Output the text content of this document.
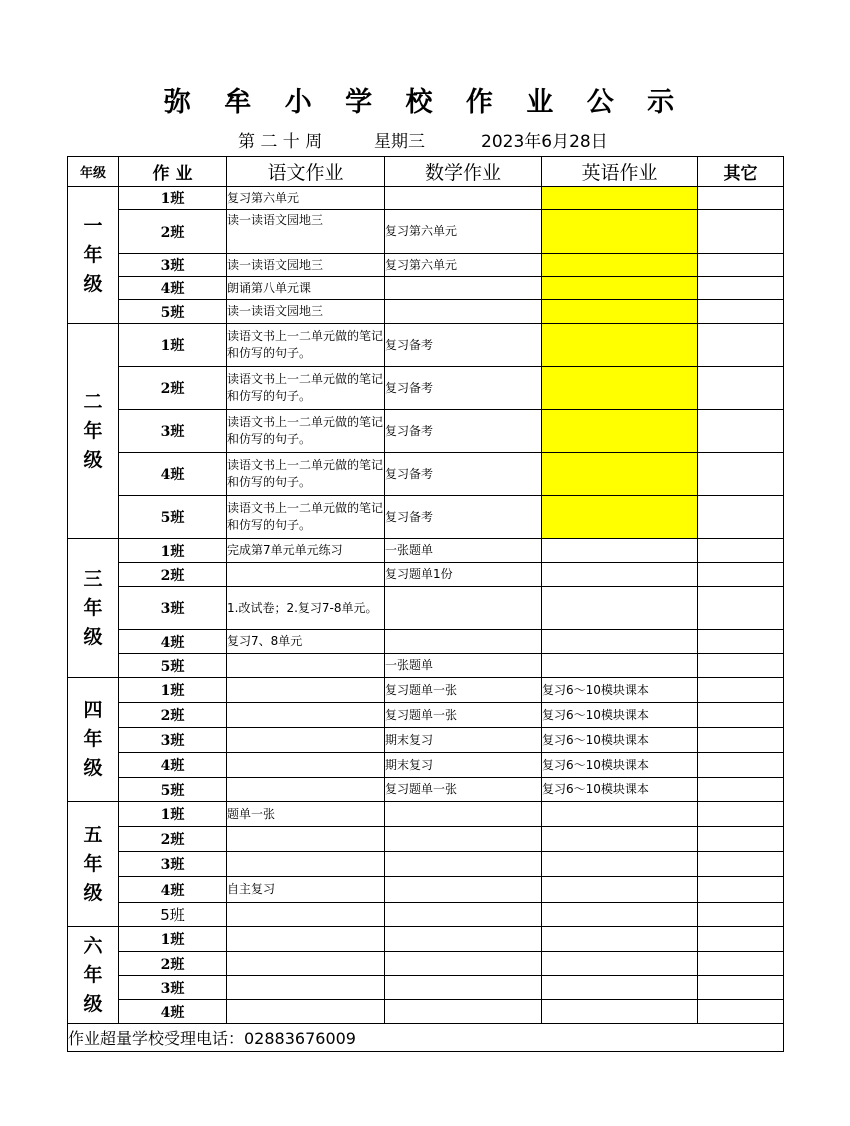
弥 牟 小 学 校 作 业 公 示
第 二 十 周	星期三	2023年6月28日
年级	作 业	语文作业	数学作业	英语作业	其它

一
年
级	1班	复习第六单元			
	2班	读一读语文园地三	复习第六单元		
	3班	读一读语文园地三	复习第六单元		
	4班	朗诵第八单元课			
	5班	读一读语文园地三			

二
年
级	1班	读语文书上一二单元做的笔记和仿写的句子。	复习备考		
	2班	读语文书上一二单元做的笔记和仿写的句子。	复习备考		
	3班	读语文书上一二单元做的笔记和仿写的句子。	复习备考		
	4班	读语文书上一二单元做的笔记和仿写的句子。	复习备考		
	5班	读语文书上一二单元做的笔记和仿写的句子。	复习备考		

三
年
级	1班	完成第7单元单元练习	一张题单		
	2班		复习题单1份		
	3班	1.改试卷；2.复习7-8单元。			
	4班	复习7、8单元			
	5班		一张题单		

四
年
级	1班		复习题单一张	复习6～10模块课本	
	2班		复习题单一张	复习6～10模块课本	
	3班		期末复习	复习6～10模块课本	
	4班		期末复习	复习6～10模块课本	
	5班		复习题单一张	复习6～10模块课本	

五
年
级	1班	题单一张			
	2班				
	3班				
	4班	自主复习			
	5班				

六
年
级	1班				
	2班				
	3班				
	4班				
作业超量学校受理电话：02883676009					
